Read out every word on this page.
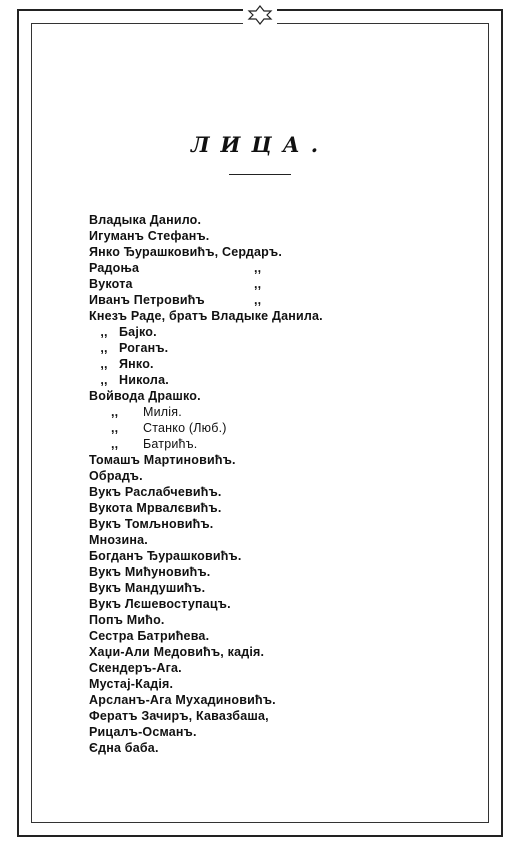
ЛИЦА.
Владыка Данило.
Игуманъ Стефанъ.
Янко Ђурашковићъ, Сердаръ.
Радоња	,,
Вукота	,,
Иванъ Петровићъ	,,
Кнезъ Раде, братъ Владыке Данила.
,, Бајко.
,, Роганъ.
,, Янко.
,, Никола.
Войвода Драшко.
,, Милія.
,, Станко (Люб.)
,, Батрићъ.
Томашъ Мартиновићъ.
Обрадъ.
Вукъ Раслабчевићъ.
Вукота Мрвалєвићъ.
Вукъ Томљновићъ.
Мнозина.
Богданъ Ђурашковићъ.
Вукъ Мићуновићъ.
Вукъ Мандушићъ.
Вукъ Лєшевоступацъ.
Попъ Мићо.
Сестра Батрићева.
Хаџи-Али Медовићъ, кадія.
Скендеръ-Ага.
Мустај-Кадія.
Арсланъ-Ага Мухадиновићъ.
Фератъ Зачиръ, Кавазбаша,
Рицалъ-Османъ.
Єдна баба.
